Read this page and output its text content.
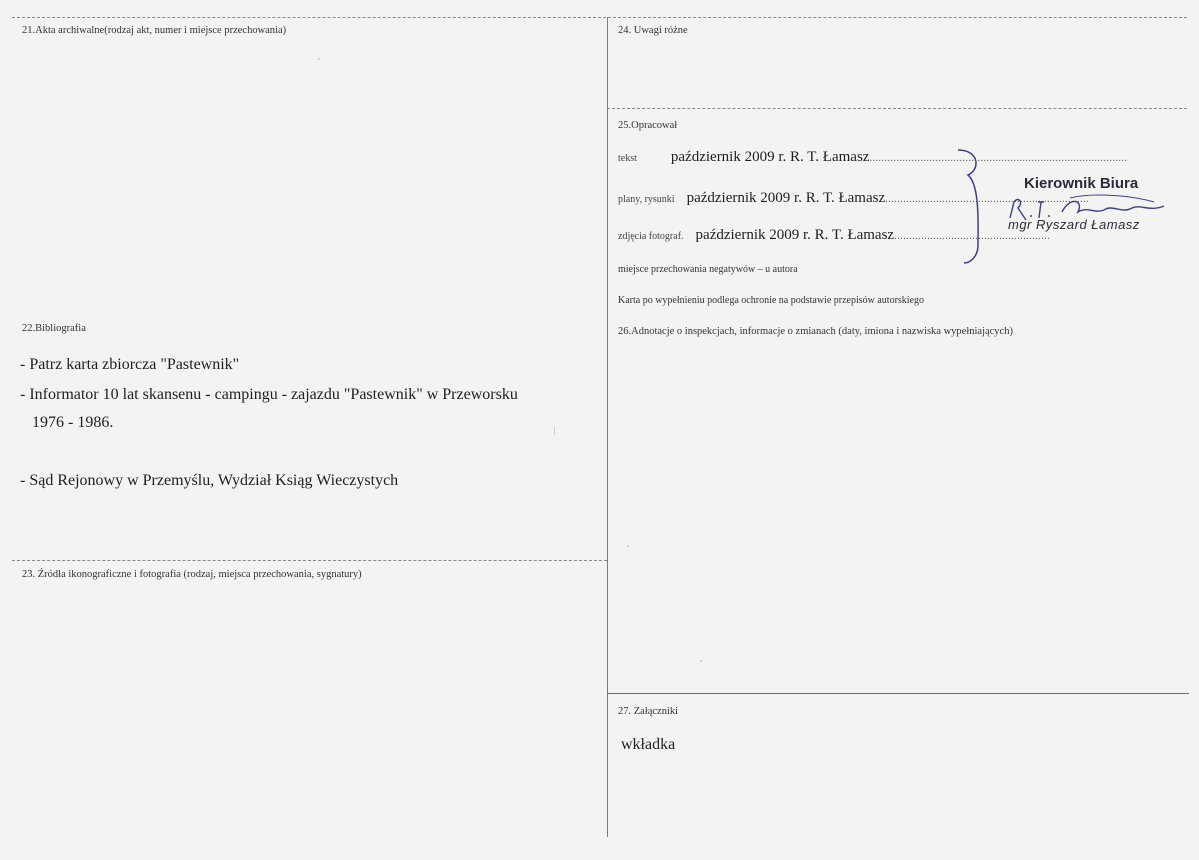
21.Akta archiwalne(rodzaj akt, numer i miejsce przechowania)
22.Bibliografia
- Patrz karta zbiorcza "Pastewnik"
- Informator 10 lat skansenu - campingu - zajazdu "Pastewnik" w Przeworsku
1976 - 1986.
- Sąd Rejonowy w Przemyślu, Wydział Ksiąg Wieczystych
23. Źródła ikonograficzne i fotografia (rodzaj, miejsca przechowania, sygnatury)
24. Uwagi różne
25.Opracował
tekst październik 2009 r. R. T. Łamasz......................................................................................
plany, rysunki październik 2009 r. R. T. Łamasz....................................................................
zdjęcia fotograf. październik 2009 r. R. T. Łamasz....................................................
miejsce przechowania negatywów – u autora
Karta po wypełnieniu podlega ochronie na podstawie przepisów autorskiego
Kierownik Biura
mgr Ryszard Łamasz
26.Adnotacje o inspekcjach, informacje o zmianach (daty, imiona i nazwiska wypełniających)
27. Załączniki
wkładka
